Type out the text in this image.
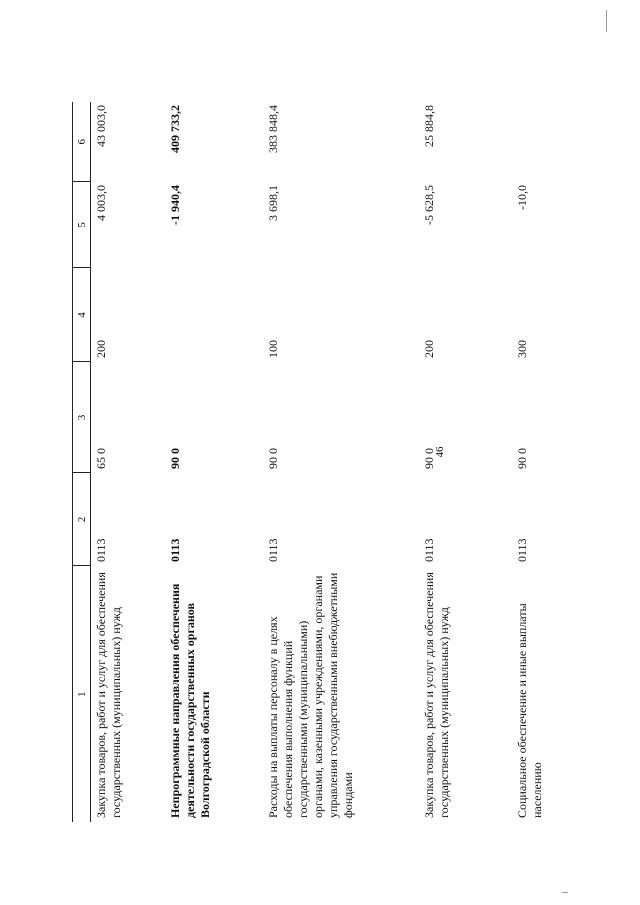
46
1	2	3	4	5	6
Закупка товаров, работ и услуг для обеспечения государственных (муниципальных) нужд	0113	65 0	200	4 003,0	43 003,0
Непрограммные направления обеспечения деятельности государственных органов Волгоградской области	0113	90 0		-1 940,4	409 733,2
Расходы на выплаты персоналу в целях обеспечения выполнения функций государственными (муниципальными) органами, казенными учреждениями, органами управления государственными внебюджетными фондами	0113	90 0	100	3 698,1	383 848,4
Закупка товаров, работ и услуг для обеспечения государственных (муниципальных) нужд	0113	90 0	200	-5 628,5	25 884,8
Социальное обеспечение и иные выплаты населению	0113	90 0	300	-10,0	
